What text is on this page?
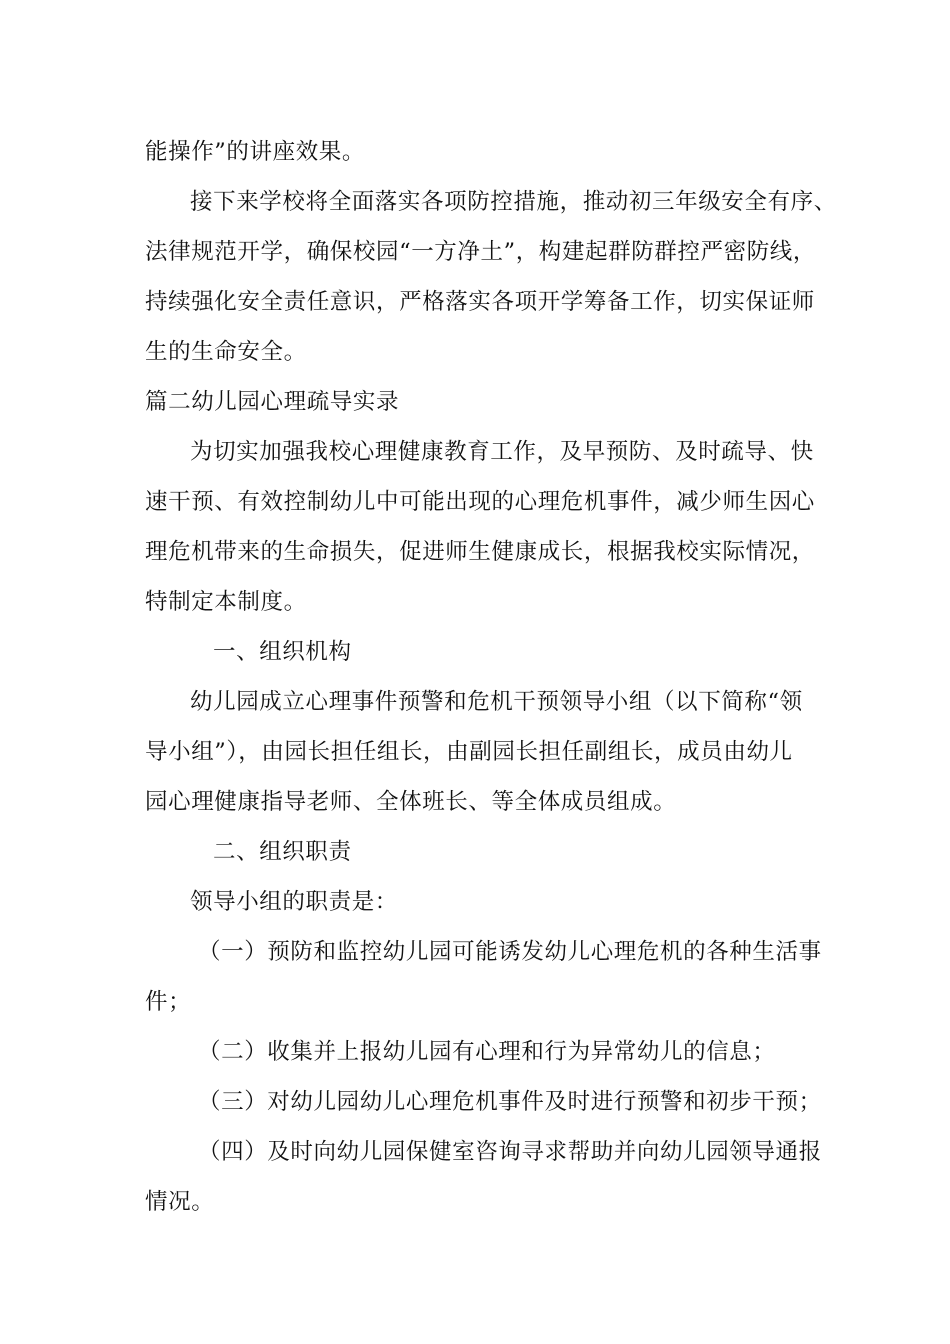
能操作”的讲座效果。
接下来学校将全面落实各项防控措施，推动初三年级安全有序、
法律规范开学，确保校园“一方净土”，构建起群防群控严密防线，
持续强化安全责任意识，严格落实各项开学筹备工作，切实保证师
生的生命安全。
篇二幼儿园心理疏导实录
为切实加强我校心理健康教育工作，及早预防、及时疏导、快
速干预、有效控制幼儿中可能出现的心理危机事件，减少师生因心
理危机带来的生命损失，促进师生健康成长，根据我校实际情况，
特制定本制度。
一、组织机构
幼儿园成立心理事件预警和危机干预领导小组（以下简称“领
导小组”），由园长担任组长，由副园长担任副组长，成员由幼儿
园心理健康指导老师、全体班长、等全体成员组成。
二、组织职责
领导小组的职责是：
（一）预防和监控幼儿园可能诱发幼儿心理危机的各种生活事
件；
（二）收集并上报幼儿园有心理和行为异常幼儿的信息；
（三）对幼儿园幼儿心理危机事件及时进行预警和初步干预；
（四）及时向幼儿园保健室咨询寻求帮助并向幼儿园领导通报
情况。
